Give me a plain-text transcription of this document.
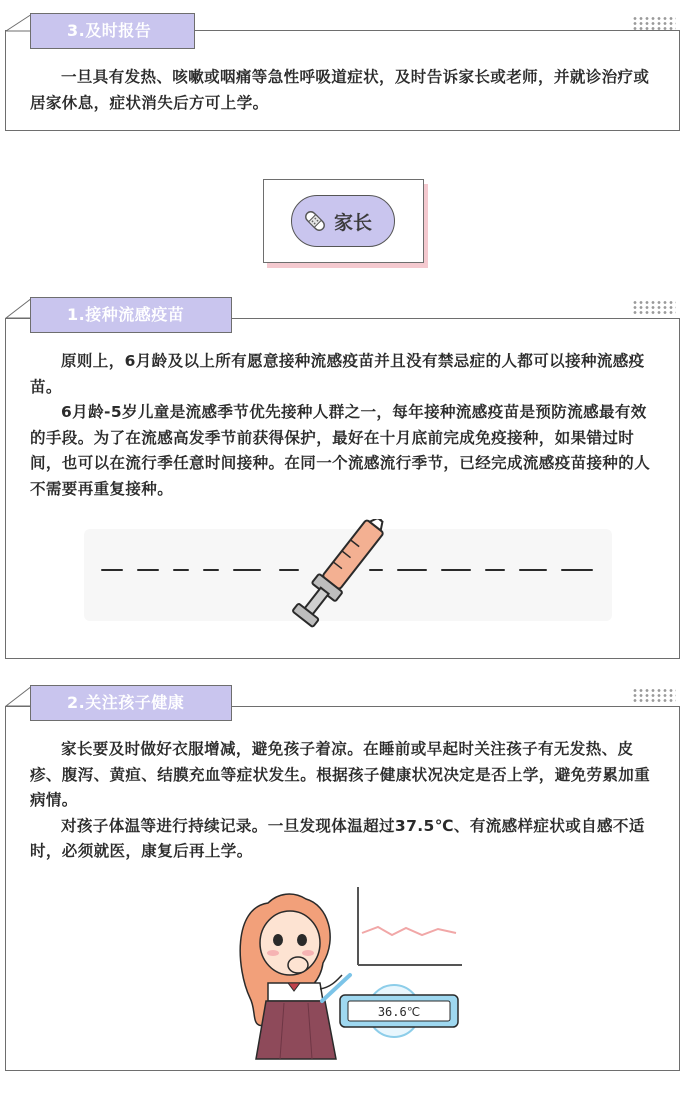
一旦具有发热、咳嗽或咽痛等急性呼吸道症状，及时告诉家长或老师，并就诊治疗或居家休息，症状消失后方可上学。

3.及时报告
家长

原则上，6月龄及以上所有愿意接种流感疫苗并且没有禁忌症的人都可以接种流感疫苗。

6月龄-5岁儿童是流感季节优先接种人群之一，每年接种流感疫苗是预防流感最有效的手段。为了在流感高发季节前获得保护，最好在十月底前完成免疫接种，如果错过时间，也可以在流行季任意时间接种。在同一个流感流行季节，已经完成流感疫苗接种的人不需要再重复接种。

1.接种流感疫苗

家长要及时做好衣服增减，避免孩子着凉。在睡前或早起时关注孩子有无发热、皮疹、腹泻、黄疸、结膜充血等症状发生。根据孩子健康状况决定是否上学，避免劳累加重病情。

对孩子体温等进行持续记录。一旦发现体温超过37.5℃、有流感样症状或自感不适时，必须就医，康复后再上学。

36.6℃
2.关注孩子健康
